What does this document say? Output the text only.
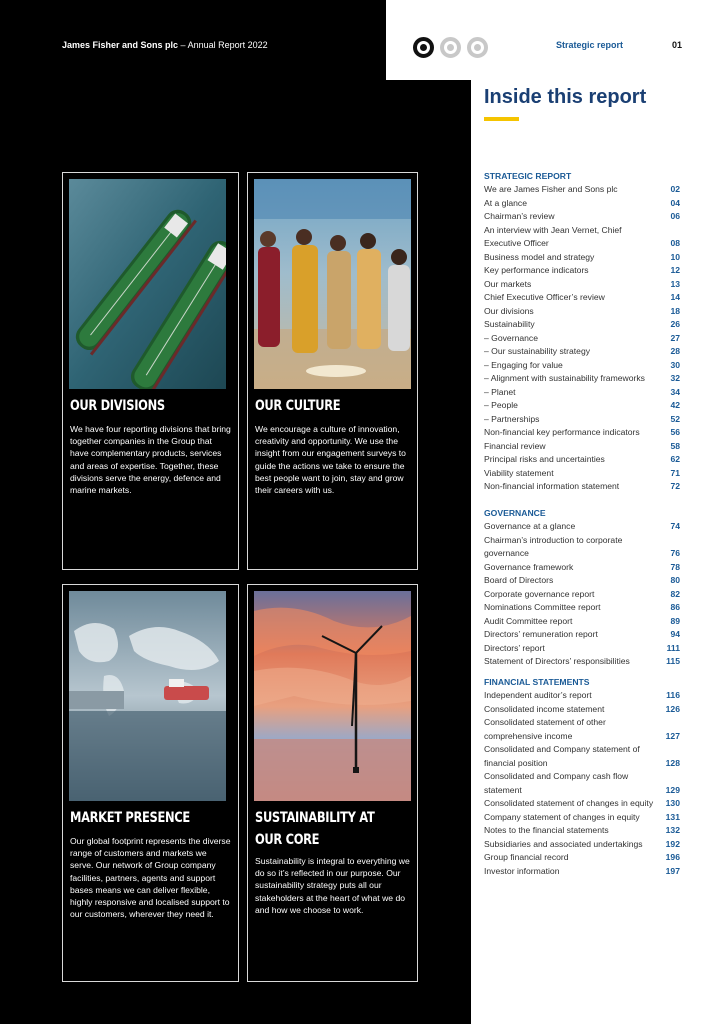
James Fisher and Sons plc – Annual Report 2022	Strategic report	01
Inside this report
OUR DIVISIONS
We have four reporting divisions that bring together companies in the Group that have complementary products, services and areas of expertise. Together, these divisions serve the energy, defence and marine markets.
OUR CULTURE
We encourage a culture of innovation, creativity and opportunity. We use the insight from our engagement surveys to guide the actions we take to ensure the best people want to join, stay and grow their careers with us.
MARKET PRESENCE
Our global footprint represents the diverse range of customers and markets we serve. Our network of Group company facilities, partners, agents and support bases means we can deliver flexible, highly responsive and localised support to our customers, wherever they need it.
SUSTAINABILITY AT
OUR CORE
Sustainability is integral to everything we do so it’s reflected in our purpose. Our sustainability strategy puts all our stakeholders at the heart of what we do and how we choose to work.
STRATEGIC REPORT
We are James Fisher and Sons plc	02
At a glance	04
Chairman’s review	06
An interview with Jean Vernet, Chief Executive Officer	08
Business model and strategy	10
Key performance indicators	12
Our markets	13
Chief Executive Officer’s review	14
Our divisions	18
Sustainability	26
– Governance	27
– Our sustainability strategy	28
– Engaging for value	30
– Alignment with sustainability frameworks	32
– Planet	34
– People	42
– Partnerships	52
Non-financial key performance indicators	56
Financial review	58
Principal risks and uncertainties	62
Viability statement	71
Non-financial information statement	72
GOVERNANCE
Governance at a glance	74
Chairman’s introduction to corporate governance	76
Governance framework	78
Board of Directors	80
Corporate governance report	82
Nominations Committee report	86
Audit Committee report	89
Directors’ remuneration report	94
Directors’ report	111
Statement of Directors’ responsibilities	115
FINANCIAL STATEMENTS
Independent auditor’s report	116
Consolidated income statement	126
Consolidated statement of other comprehensive income	127
Consolidated and Company statement of financial position	128
Consolidated and Company cash flow statement	129
Consolidated statement of changes in equity	130
Company statement of changes in equity	131
Notes to the financial statements	132
Subsidiaries and associated undertakings	192
Group financial record	196
Investor information	197
